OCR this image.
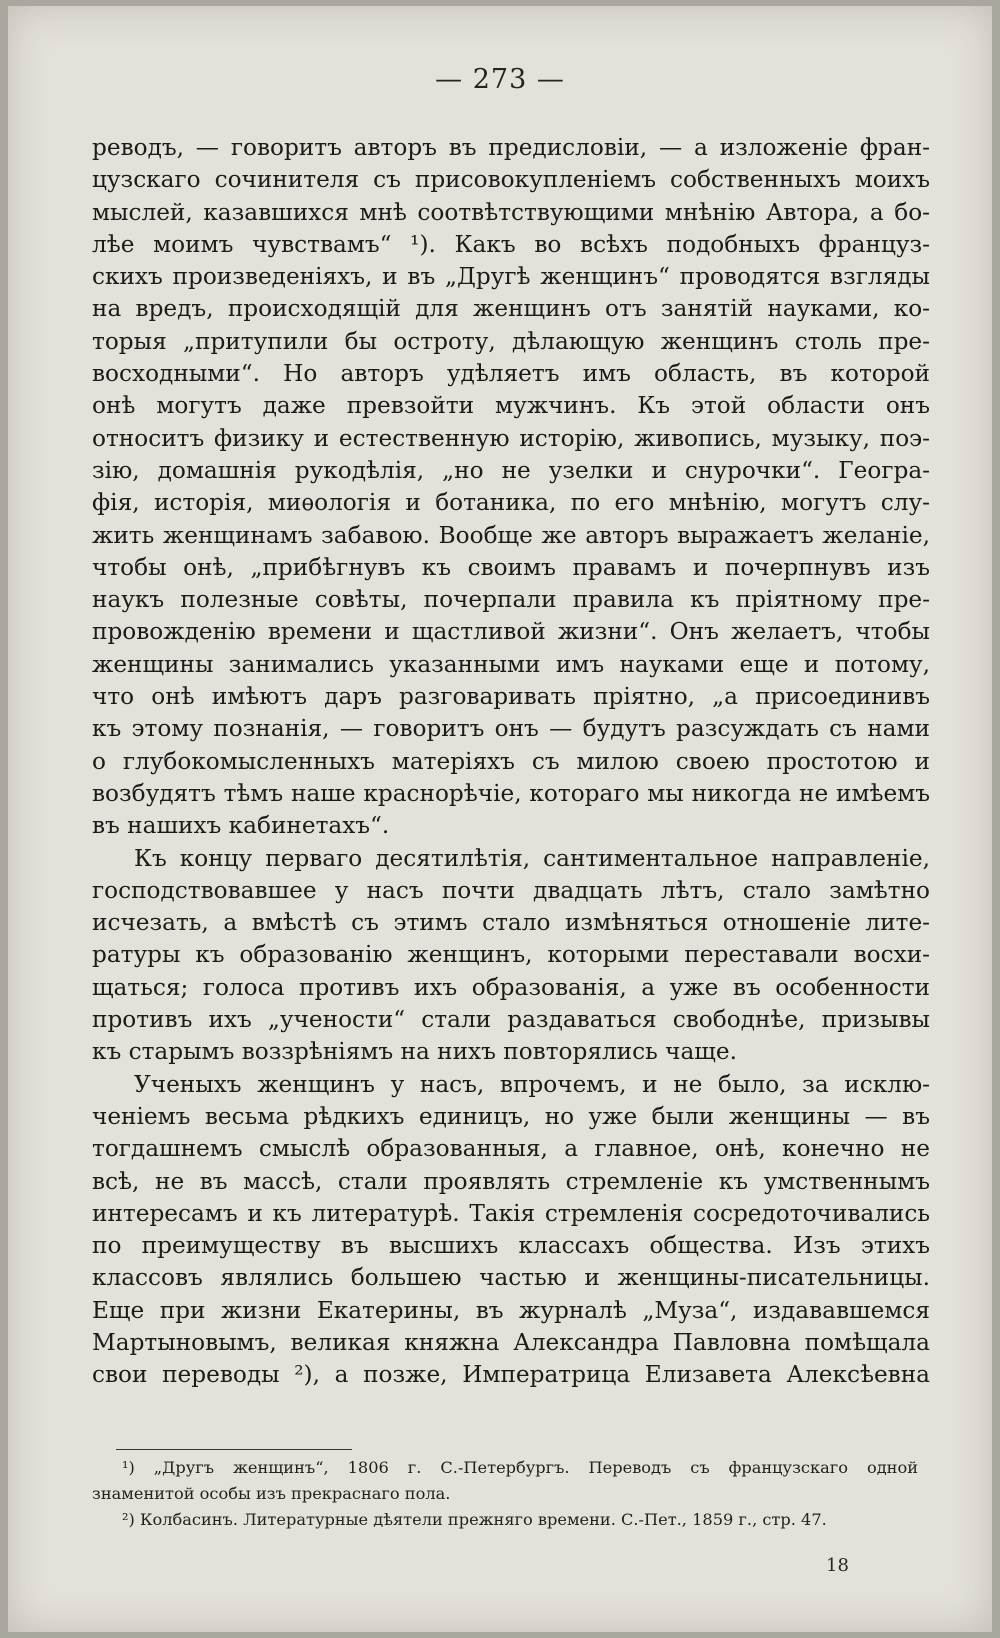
— 273 —
реводъ, — говоритъ авторъ въ предисловіи, — а изложеніе фран-
цузскаго сочинителя съ присовокупленіемъ собственныхъ моихъ
мыслей, казавшихся мнѣ соотвѣтствующими мнѣнію Автора, а бо-
лѣе моимъ чувствамъ“ ¹). Какъ во всѣхъ подобныхъ француз-
скихъ произведеніяхъ, и въ „Другѣ женщинъ“ проводятся взгляды
на вредъ, происходящій для женщинъ отъ занятій науками, ко-
торыя „притупили бы остроту, дѣлающую женщинъ столь пре-
восходными“. Но авторъ удѣляетъ имъ область, въ которой
онѣ могутъ даже превзойти мужчинъ. Къ этой области онъ
относитъ физику и естественную исторію, живопись, музыку, поэ-
зію, домашнія рукодѣлія, „но не узелки и снурочки“. Геогра-
фія, исторія, миѳологія и ботаника, по его мнѣнію, могутъ слу-
жить женщинамъ забавою. Вообще же авторъ выражаетъ желаніе,
чтобы онѣ, „прибѣгнувъ къ своимъ правамъ и почерпнувъ изъ
наукъ полезные совѣты, почерпали правила къ пріятному пре-
провожденію времени и щастливой жизни“. Онъ желаетъ, чтобы
женщины занимались указанными имъ науками еще и потому,
что онѣ имѣютъ даръ разговаривать пріятно, „а присоединивъ
къ этому познанія, — говоритъ онъ — будутъ разсуждать съ нами
о глубокомысленныхъ матеріяхъ съ милою своею простотою и
возбудятъ тѣмъ наше краснорѣчіе, котораго мы никогда не имѣемъ
въ нашихъ кабинетахъ“.
Къ концу перваго десятилѣтія, сантиментальное направленіе,
господствовавшее у насъ почти двадцать лѣтъ, стало замѣтно
исчезать, а вмѣстѣ съ этимъ стало измѣняться отношеніе лите-
ратуры къ образованію женщинъ, которыми переставали восхи-
щаться; голоса противъ ихъ образованія, а уже въ особенности
противъ ихъ „учености“ стали раздаваться свободнѣе, призывы
къ старымъ воззрѣніямъ на нихъ повторялись чаще.
Ученыхъ женщинъ у насъ, впрочемъ, и не было, за исклю-
ченіемъ весьма рѣдкихъ единицъ, но уже были женщины — въ
тогдашнемъ смыслѣ образованныя, а главное, онѣ, конечно не
всѣ, не въ массѣ, стали проявлять стремленіе къ умственнымъ
интересамъ и къ литературѣ. Такія стремленія сосредоточивались
по преимуществу въ высшихъ классахъ общества. Изъ этихъ
классовъ являлись большею частью и женщины-писательницы.
Еще при жизни Екатерины, въ журналѣ „Муза“, издававшемся
Мартыновымъ, великая княжна Александра Павловна помѣщала
свои переводы ²), а позже, Императрица Елизавета Алексѣевна
¹) „Другъ женщинъ“, 1806 г. С.-Петербургъ. Переводъ съ французскаго одной
знаменитой особы изъ прекраснаго пола.
²) Колбасинъ. Литературные дѣятели прежняго времени. С.-Пет., 1859 г., стр. 47.
18
